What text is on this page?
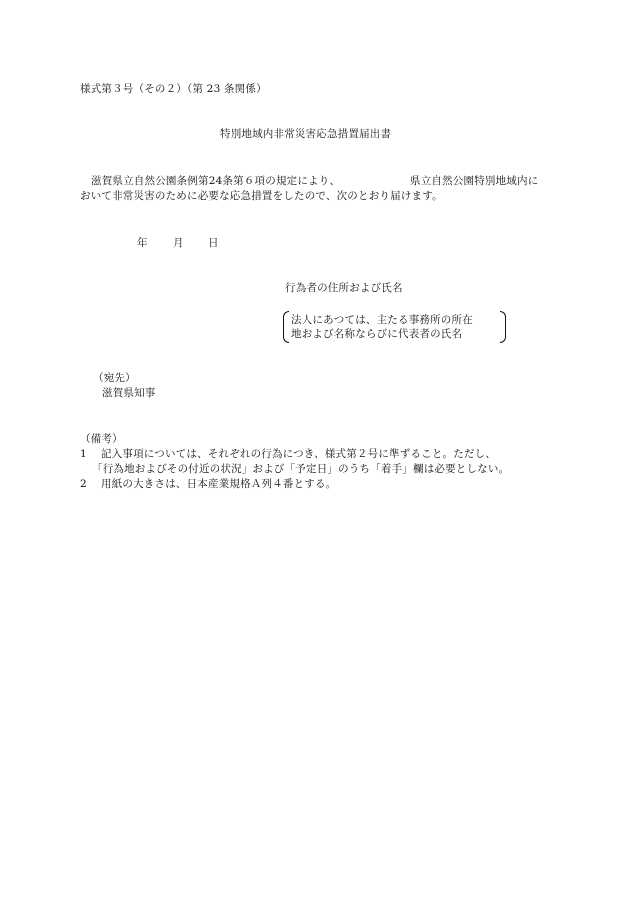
様式第３号（その２）（第 23 条関係）
特別地域内非常災害応急措置届出書
滋賀県立自然公園条例第24条第６項の規定により、	県立自然公園特別地域内に
おいて非常災害のために必要な応急措置をしたので、次のとおり届けます。
年 月 日
行為者の住所および氏名
法人にあつては、主たる事務所の所在
地および名称ならびに代表者の氏名
（宛先）
滋賀県知事
（備考）
1 記入事項については、それぞれの行為につき、様式第２号に準ずること。ただし、
「行為地およびその付近の状況」および「予定日」のうち「着手」欄は必要としない。
2 用紙の大きさは、日本産業規格Ａ列４番とする。
